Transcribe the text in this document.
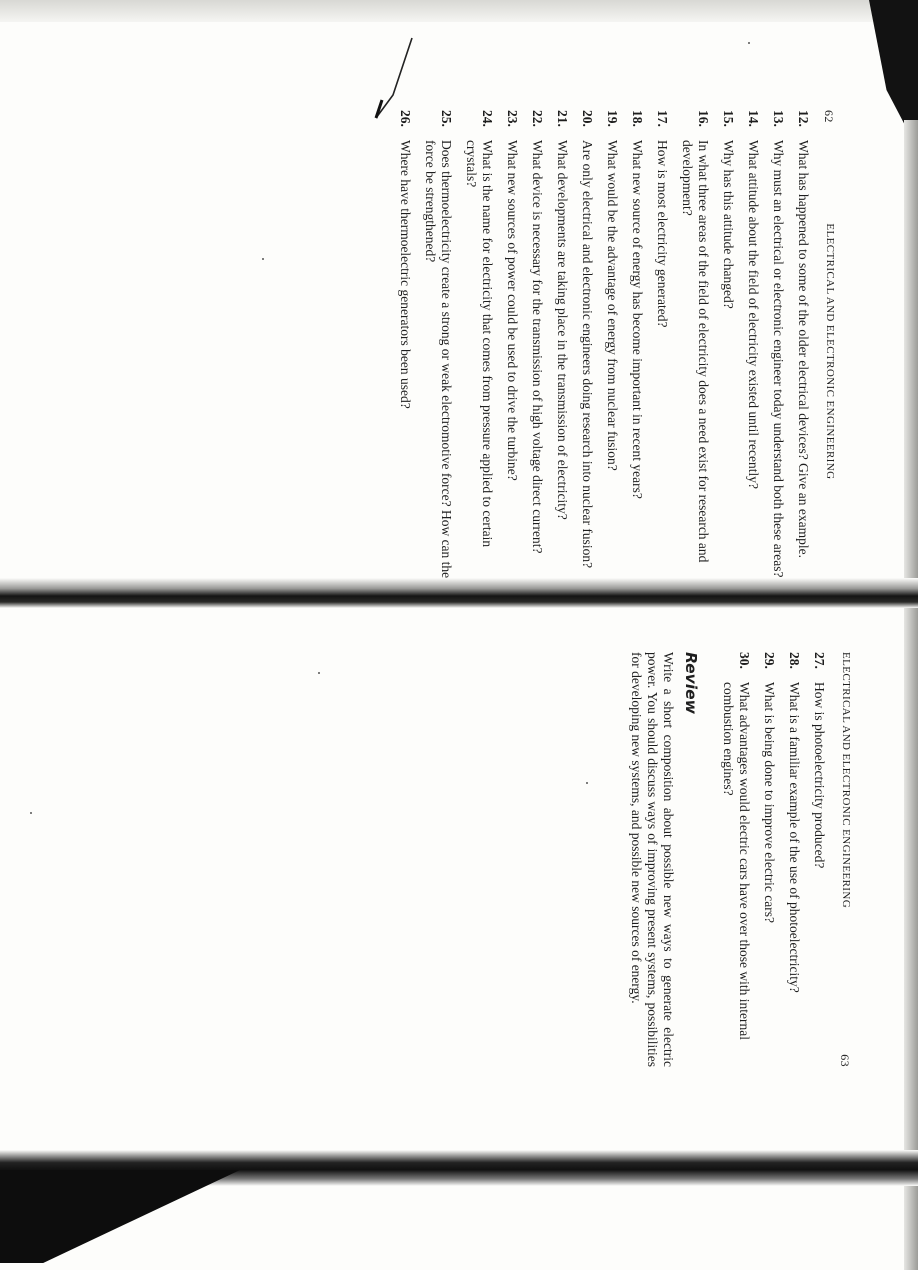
62
ELECTRICAL AND ELECTRONIC ENGINEERING
12.
What has happened to some of the older electrical devices? Give an example.
13.
Why must an electrical or electronic engineer today understand both these areas?
14.
What attitude about the field of electricity existed until recently?
15.
Why has this attitude changed?
16.
In what three areas of the field of electricity does a need exist for research and development?
17.
How is most electricity generated?
18.
What new source of energy has become important in recent years?
19.
What would be the advantage of energy from nuclear fusion?
20.
Are only electrical and electronic engineers doing research into nuclear fusion?
21.
What developments are taking place in the transmission of electricity?
22.
What device is necessary for the transmission of high voltage direct current?
23.
What new sources of power could be used to drive the turbine?
24.
What is the name for electricity that comes from pressure applied to certain crystals?
25.
Does thermoelectricity create a strong or weak electromotive force? How can the force be strengthened?
26.
Where have thermoelectric generators been used?
ELECTRICAL AND ELECTRONIC ENGINEERING
63
27.
How is photoelectricity produced?
28.
What is a familiar example of the use of photoelectricity?
29.
What is being done to improve electric cars?
30.
What advantages would electric cars have over those with internal combustion engines?
Review

Write a short composition about possible new ways to generate electric power. You should discuss ways of improving present systems, possibilities for developing new systems, and possible new sources of energy.
